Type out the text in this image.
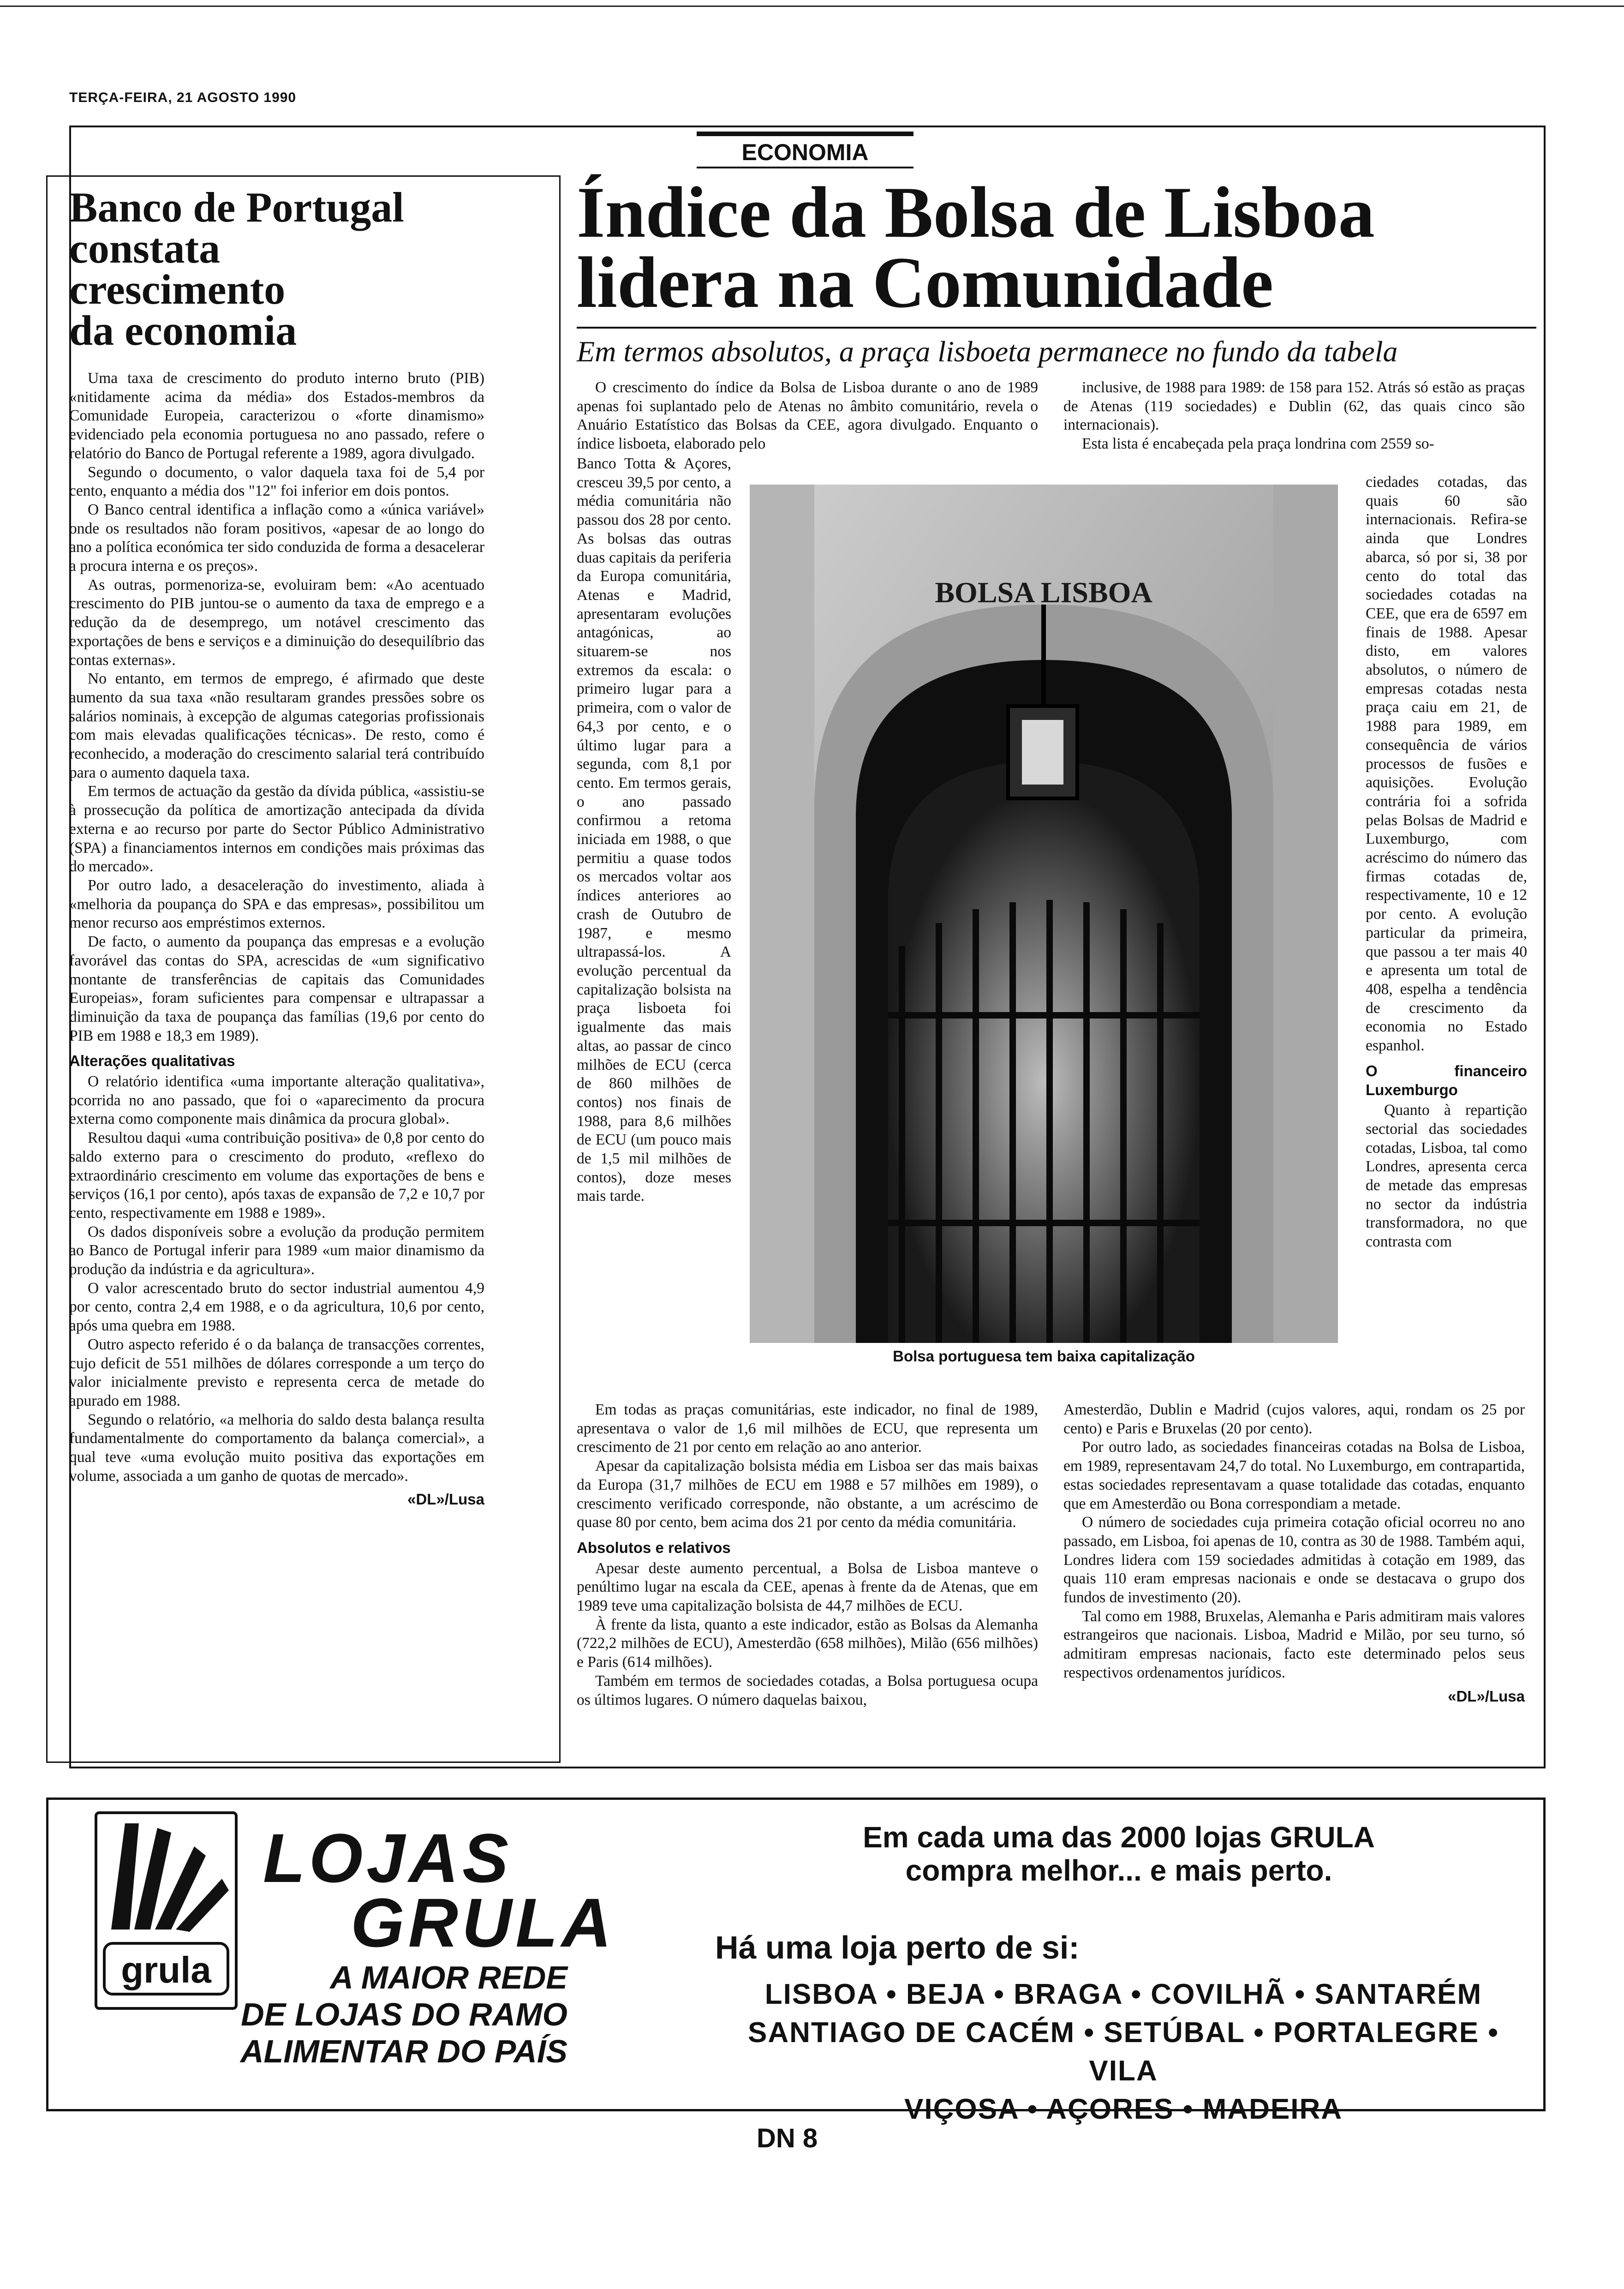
TERÇA-FEIRA, 21 AGOSTO 1990
ECONOMIA
Banco de Portugal
constata
crescimento
da economia

Uma taxa de crescimento do produto interno bruto (PIB) «nitidamente acima da média» dos Estados-membros da Comunidade Europeia, caracterizou o «forte dinamismo» evidenciado pela economia portuguesa no ano passado, refere o relatório do Banco de Portugal referente a 1989, agora divulgado.

Segundo o documento, o valor daquela taxa foi de 5,4 por cento, enquanto a média dos "12" foi inferior em dois pontos.

O Banco central identifica a inflação como a «única variável» onde os resultados não foram positivos, «apesar de ao longo do ano a política económica ter sido conduzida de forma a desacelerar a procura interna e os preços».

As outras, pormenoriza-se, evoluiram bem: «Ao acentuado crescimento do PIB juntou-se o aumento da taxa de emprego e a redução da de desemprego, um notável crescimento das exportações de bens e serviços e a diminuição do desequilíbrio das contas externas».

No entanto, em termos de emprego, é afirmado que deste aumento da sua taxa «não resultaram grandes pressões sobre os salários nominais, à excepção de algumas categorias profissionais com mais elevadas qualificações técnicas». De resto, como é reconhecido, a moderação do crescimento salarial terá contribuído para o aumento daquela taxa.

Em termos de actuação da gestão da dívida pública, «assistiu-se à prossecução da política de amortização antecipada da dívida externa e ao recurso por parte do Sector Público Administrativo (SPA) a financiamentos internos em condições mais próximas das do mercado».

Por outro lado, a desaceleração do investimento, aliada à «melhoria da poupança do SPA e das empresas», possibilitou um menor recurso aos empréstimos externos.

De facto, o aumento da poupança das empresas e a evolução favorável das contas do SPA, acrescidas de «um significativo montante de transferências de capitais das Comunidades Europeias», foram suficientes para compensar e ultrapassar a diminuição da taxa de poupança das famílias (19,6 por cento do PIB em 1988 e 18,3 em 1989).

Alterações qualitativas

O relatório identifica «uma importante alteração qualitativa», ocorrida no ano passado, que foi o «aparecimento da procura externa como componente mais dinâmica da procura global».

Resultou daqui «uma contribuição positiva» de 0,8 por cento do saldo externo para o crescimento do produto, «reflexo do extraordinário crescimento em volume das exportações de bens e serviços (16,1 por cento), após taxas de expansão de 7,2 e 10,7 por cento, respectivamente em 1988 e 1989».

Os dados disponíveis sobre a evolução da produção permitem ao Banco de Portugal inferir para 1989 «um maior dinamismo da produção da indústria e da agricultura».

O valor acrescentado bruto do sector industrial aumentou 4,9 por cento, contra 2,4 em 1988, e o da agricultura, 10,6 por cento, após uma quebra em 1988.

Outro aspecto referido é o da balança de transacções correntes, cujo deficit de 551 milhões de dólares corresponde a um terço do valor inicialmente previsto e representa cerca de metade do apurado em 1988.

Segundo o relatório, «a melhoria do saldo desta balança resulta fundamentalmente do comportamento da balança comercial», a qual teve «uma evolução muito positiva das exportações em volume, associada a um ganho de quotas de mercado».

«DL»/Lusa

Índice da Bolsa de Lisboa
lidera na Comunidade
Em termos absolutos, a praça lisboeta permanece no fundo da tabela

O crescimento do índice da Bolsa de Lisboa durante o ano de 1989 apenas foi suplantado pelo de Atenas no âmbito comunitário, revela o Anuário Estatístico das Bolsas da CEE, agora divulgado. Enquanto o índice lisboeta, elaborado pelo

Banco Totta & Açores, cresceu 39,5 por cento, a média comunitária não passou dos 28 por cento. As bolsas das outras duas capitais da periferia da Europa comunitária, Atenas e Madrid, apresentaram evoluções antagónicas, ao situarem-se nos extremos da escala: o primeiro lugar para a primeira, com o valor de 64,3 por cento, e o último lugar para a segunda, com 8,1 por cento. Em termos gerais, o ano passado confirmou a retoma iniciada em 1988, o que permitiu a quase todos os mercados voltar aos índices anteriores ao crash de Outubro de 1987, e mesmo ultrapassá-los. A evolução percentual da capitalização bolsista na praça lisboeta foi igualmente das mais altas, ao passar de cinco milhões de ECU (cerca de 860 milhões de contos) nos finais de 1988, para 8,6 milhões de ECU (um pouco mais de 1,5 mil milhões de contos), doze meses mais tarde.

inclusive, de 1988 para 1989: de 158 para 152. Atrás só estão as praças de Atenas (119 sociedades) e Dublin (62, das quais cinco são internacionais).

Esta lista é encabeçada pela praça londrina com 2559 so-

ciedades cotadas, das quais 60 são internacionais. Refira-se ainda que Londres abarca, só por si, 38 por cento do total das sociedades cotadas na CEE, que era de 6597 em finais de 1988. Apesar disto, em valores absolutos, o número de empresas cotadas nesta praça caiu em 21, de 1988 para 1989, em consequência de vários processos de fusões e aquisições. Evolução contrária foi a sofrida pelas Bolsas de Madrid e Luxemburgo, com acréscimo do número das firmas cotadas de, respectivamente, 10 e 12 por cento. A evolução particular da primeira, que passou a ter mais 40 e apresenta um total de 408, espelha a tendência de crescimento da economia no Estado espanhol.

O financeiro Luxemburgo

Quanto à repartição sectorial das sociedades cotadas, Lisboa, tal como Londres, apresenta cerca de metade das empresas no sector da indústria transformadora, no que contrasta com

BOLSA LISBOA
Bolsa portuguesa tem baixa capitalização

Em todas as praças comunitárias, este indicador, no final de 1989, apresentava o valor de 1,6 mil milhões de ECU, que representa um crescimento de 21 por cento em relação ao ano anterior.

Apesar da capitalização bolsista média em Lisboa ser das mais baixas da Europa (31,7 milhões de ECU em 1988 e 57 milhões em 1989), o crescimento verificado corresponde, não obstante, a um acréscimo de quase 80 por cento, bem acima dos 21 por cento da média comunitária.

Absolutos e relativos

Apesar deste aumento percentual, a Bolsa de Lisboa manteve o penúltimo lugar na escala da CEE, apenas à frente da de Atenas, que em 1989 teve uma capitalização bolsista de 44,7 milhões de ECU.

À frente da lista, quanto a este indicador, estão as Bolsas da Alemanha (722,2 milhões de ECU), Amesterdão (658 milhões), Milão (656 milhões) e Paris (614 milhões).

Também em termos de sociedades cotadas, a Bolsa portuguesa ocupa os últimos lugares. O número daquelas baixou,

Amesterdão, Dublin e Madrid (cujos valores, aqui, rondam os 25 por cento) e Paris e Bruxelas (20 por cento).

Por outro lado, as sociedades financeiras cotadas na Bolsa de Lisboa, em 1989, representavam 24,7 do total. No Luxemburgo, em contrapartida, estas sociedades representavam a quase totalidade das cotadas, enquanto que em Amesterdão ou Bona correspondiam a metade.

O número de sociedades cuja primeira cotação oficial ocorreu no ano passado, em Lisboa, foi apenas de 10, contra as 30 de 1988. Também aqui, Londres lidera com 159 sociedades admitidas à cotação em 1989, das quais 110 eram empresas nacionais e onde se destacava o grupo dos fundos de investimento (20).

Tal como em 1988, Bruxelas, Alemanha e Paris admitiram mais valores estrangeiros que nacionais. Lisboa, Madrid e Milão, por seu turno, só admitiram empresas nacionais, facto este determinado pelos seus respectivos ordenamentos jurídicos.

«DL»/Lusa

grula
LOJAS
GRULA
A MAIOR REDE
DE LOJAS DO RAMO
ALIMENTAR DO PAÍS
Em cada uma das 2000 lojas GRULA
compra melhor... e mais perto.
Há uma loja perto de si:
LISBOA • BEJA • BRAGA • COVILHÃ • SANTARÉM
SANTIAGO DE CACÉM • SETÚBAL • PORTALEGRE • VILA
VIÇOSA • AÇORES • MADEIRA
DN 8
